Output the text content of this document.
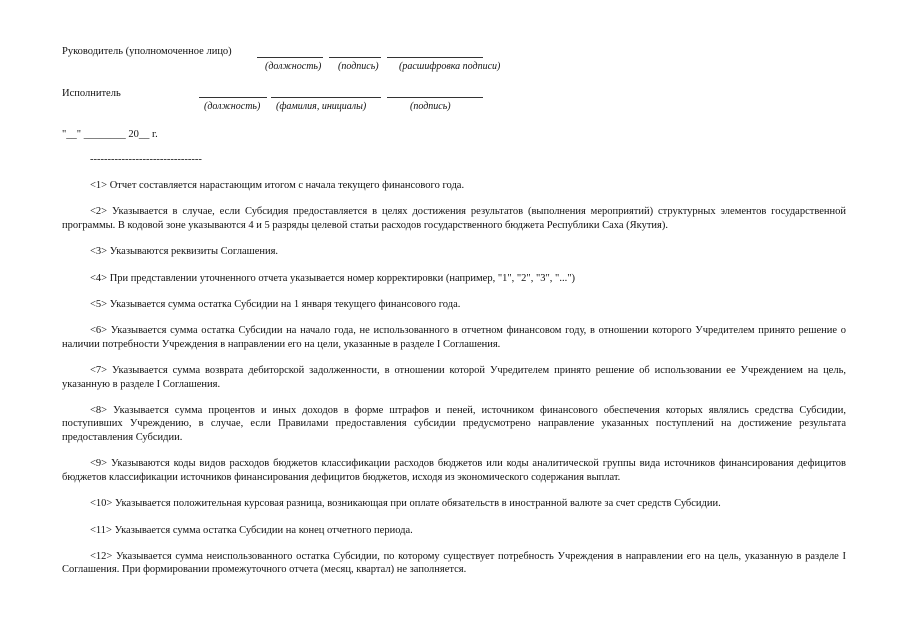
Руководитель (уполномоченное лицо)
(должность) (подпись) (расшифровка подписи)
Исполнитель
(должность) (фамилия, инициалы)	(подпись)
"__" ________ 20__ г.
--------------------------------

<1> Отчет составляется нарастающим итогом с начала текущего финансового года.

<2> Указывается в случае, если Субсидия предоставляется в целях достижения результатов (выполнения мероприятий) структурных элементов государственной программы. В кодовой зоне указываются 4 и 5 разряды целевой статьи расходов государственного бюджета Республики Саха (Якутия).

<3> Указываются реквизиты Соглашения.

<4> При представлении уточненного отчета указывается номер корректировки (например, "1", "2", "3", "...")

<5> Указывается сумма остатка Субсидии на 1 января текущего финансового года.

<6> Указывается сумма остатка Субсидии на начало года, не использованного в отчетном финансовом году, в отношении которого Учредителем принято решение о наличии потребности Учреждения в направлении его на цели, указанные в разделе I Соглашения.

<7> Указывается сумма возврата дебиторской задолженности, в отношении которой Учредителем принято решение об использовании ее Учреждением на цель, указанную в разделе I Соглашения.

<8> Указывается сумма процентов и иных доходов в форме штрафов и пеней, источником финансового обеспечения которых являлись средства Субсидии, поступивших Учреждению, в случае, если Правилами предоставления субсидии предусмотрено направление указанных поступлений на достижение результата предоставления Субсидии.

<9> Указываются коды видов расходов бюджетов классификации расходов бюджетов или коды аналитической группы вида источников финансирования дефицитов бюджетов классификации источников финансирования дефицитов бюджетов, исходя из экономического содержания выплат.

<10> Указывается положительная курсовая разница, возникающая при оплате обязательств в иностранной валюте за счет средств Субсидии.

<11> Указывается сумма остатка Субсидии на конец отчетного периода.

<12> Указывается сумма неиспользованного остатка Субсидии, по которому существует потребность Учреждения в направлении его на цель, указанную в разделе I Соглашения. При формировании промежуточного отчета (месяц, квартал) не заполняется.
